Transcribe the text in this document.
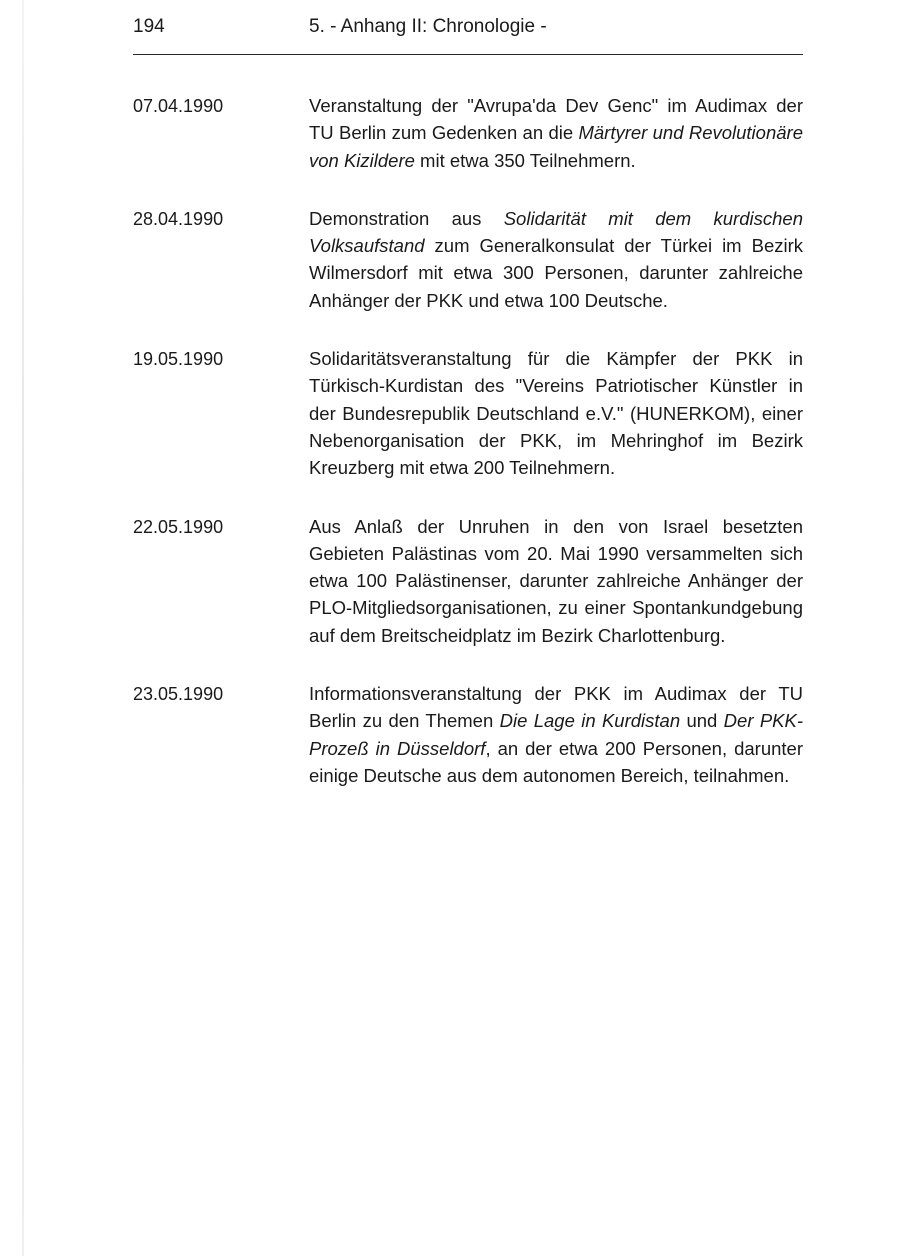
194	5. - Anhang II: Chronologie -
07.04.1990	Veranstaltung der "Avrupa'da Dev Genc" im Audimax der TU Berlin zum Gedenken an die Märtyrer und Revolutionäre von Kizildere mit etwa 350 Teilnehmern.
28.04.1990	Demonstration aus Solidarität mit dem kurdischen Volksaufstand zum Generalkonsulat der Türkei im Bezirk Wilmersdorf mit etwa 300 Personen, darunter zahlreiche Anhänger der PKK und etwa 100 Deutsche.
19.05.1990	Solidaritätsveranstaltung für die Kämpfer der PKK in Türkisch-Kurdistan des "Vereins Patriotischer Künstler in der Bundesrepublik Deutschland e.V." (HUNERKOM), einer Nebenorganisation der PKK, im Mehringhof im Bezirk Kreuzberg mit etwa 200 Teilnehmern.
22.05.1990	Aus Anlaß der Unruhen in den von Israel besetzten Gebieten Palästinas vom 20. Mai 1990 versammelten sich etwa 100 Palästinenser, darunter zahlreiche Anhänger der PLO-Mitgliedsorganisationen, zu einer Spontankundgebung auf dem Breitscheidplatz im Bezirk Charlottenburg.
23.05.1990	Informationsveranstaltung der PKK im Audimax der TU Berlin zu den Themen Die Lage in Kurdistan und Der PKK-Prozeß in Düsseldorf, an der etwa 200 Personen, darunter einige Deutsche aus dem autonomen Bereich, teilnahmen.
